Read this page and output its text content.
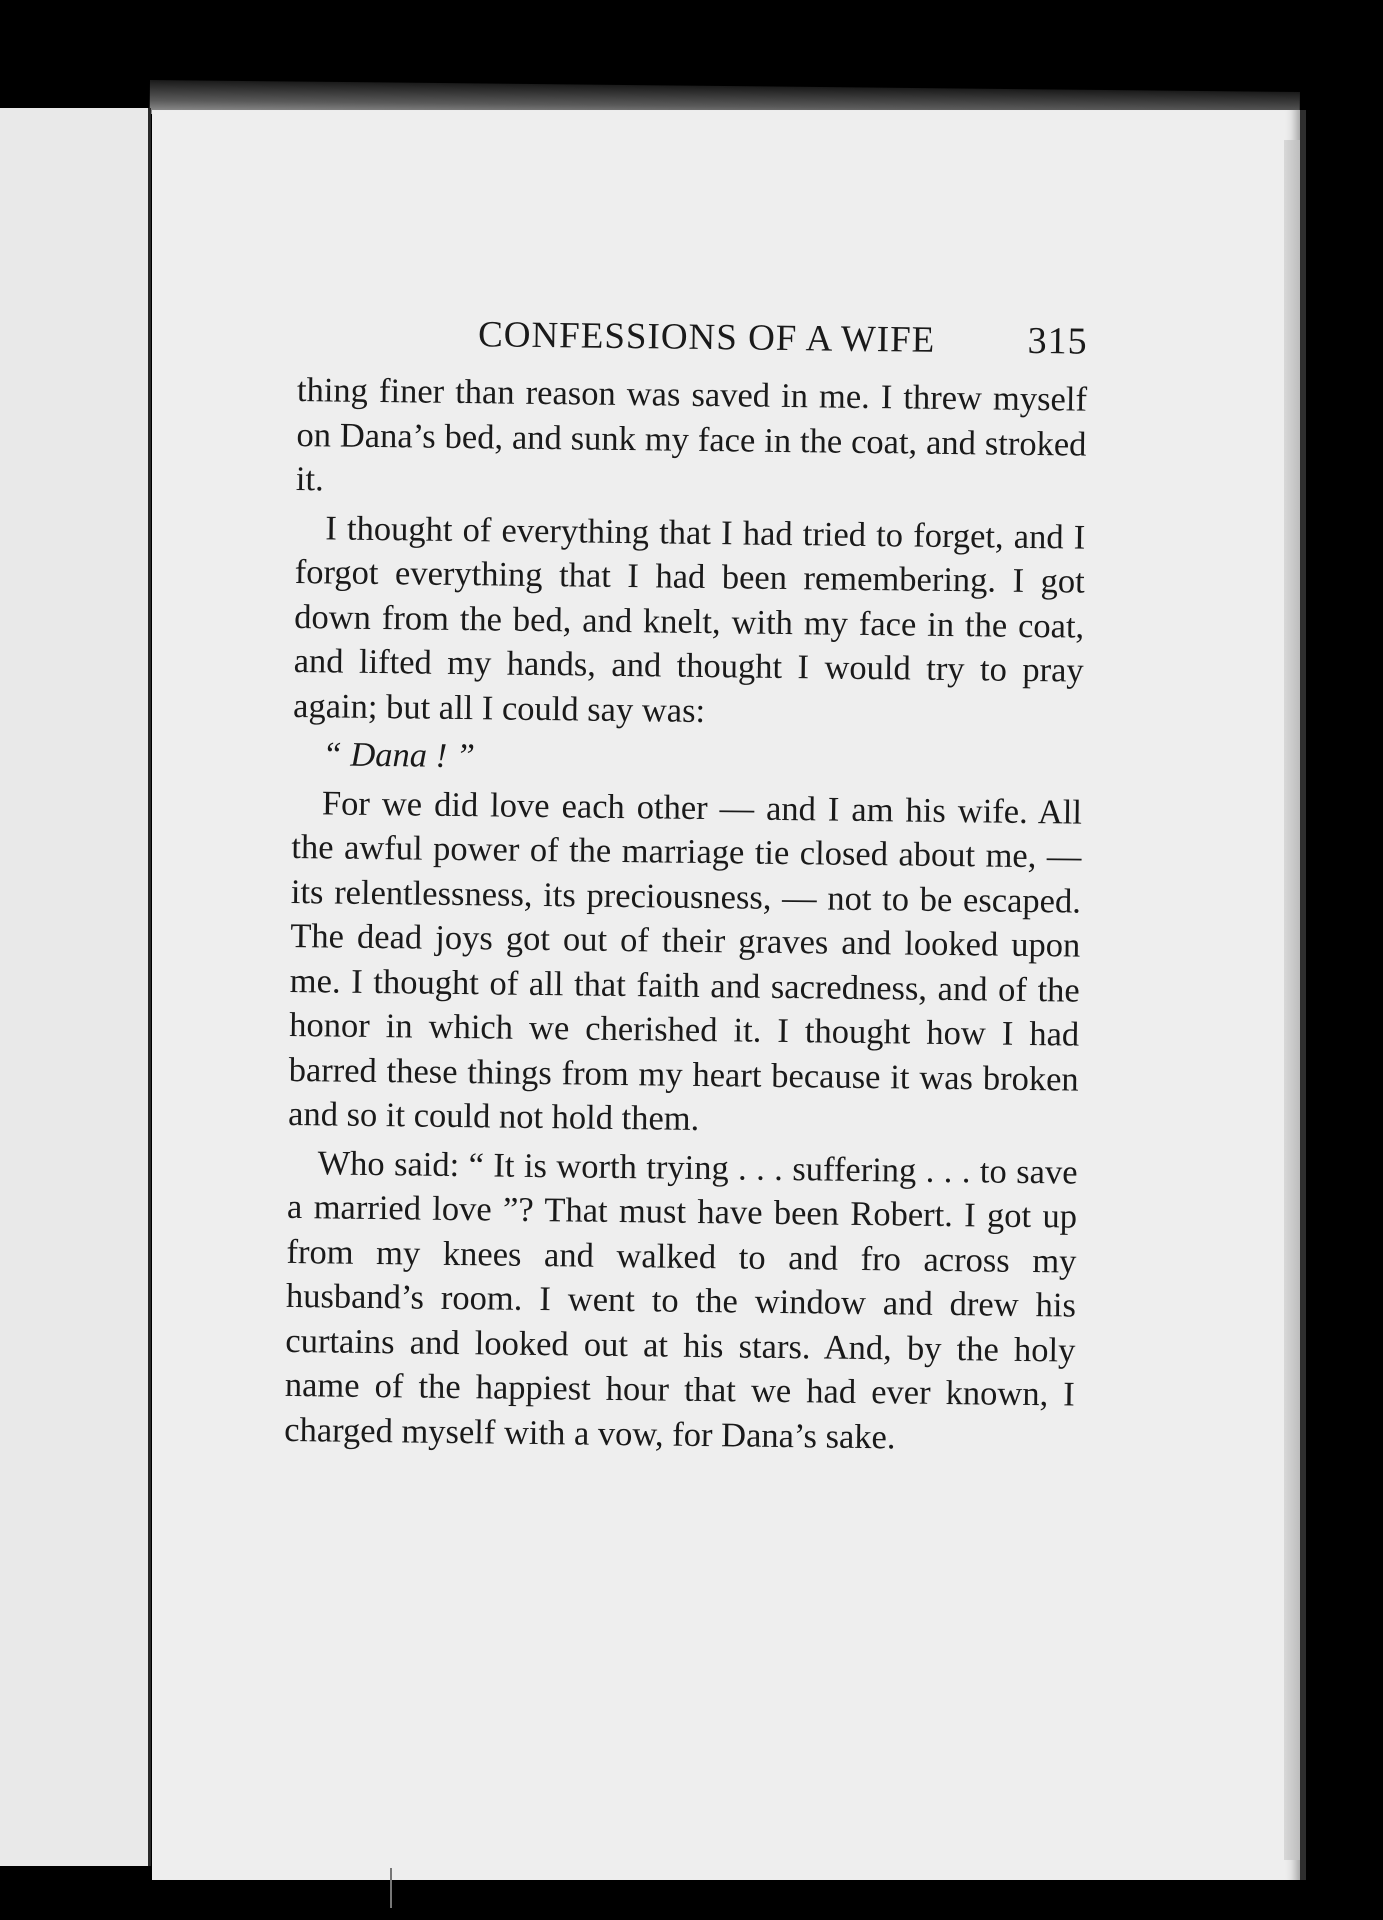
CONFESSIONS OF A WIFE	315

thing finer than reason was saved in me. I threw myself on Dana’s bed, and sunk my face in the coat, and stroked it.

I thought of everything that I had tried to forget, and I forgot everything that I had been remembering. I got down from the bed, and knelt, with my face in the coat, and lifted my hands, and thought I would try to pray again; but all I could say was:

“ Dana ! ”

For we did love each other — and I am his wife. All the awful power of the marriage tie closed about me, — its relentlessness, its preciousness, — not to be escaped. The dead joys got out of their graves and looked upon me. I thought of all that faith and sacredness, and of the honor in which we cherished it. I thought how I had barred these things from my heart because it was broken and so it could not hold them.

Who said: “ It is worth trying . . . suffering . . . to save a married love ”? That must have been Robert. I got up from my knees and walked to and fro across my husband’s room. I went to the window and drew his curtains and looked out at his stars. And, by the holy name of the happiest hour that we had ever known, I charged myself with a vow, for Dana’s sake.
